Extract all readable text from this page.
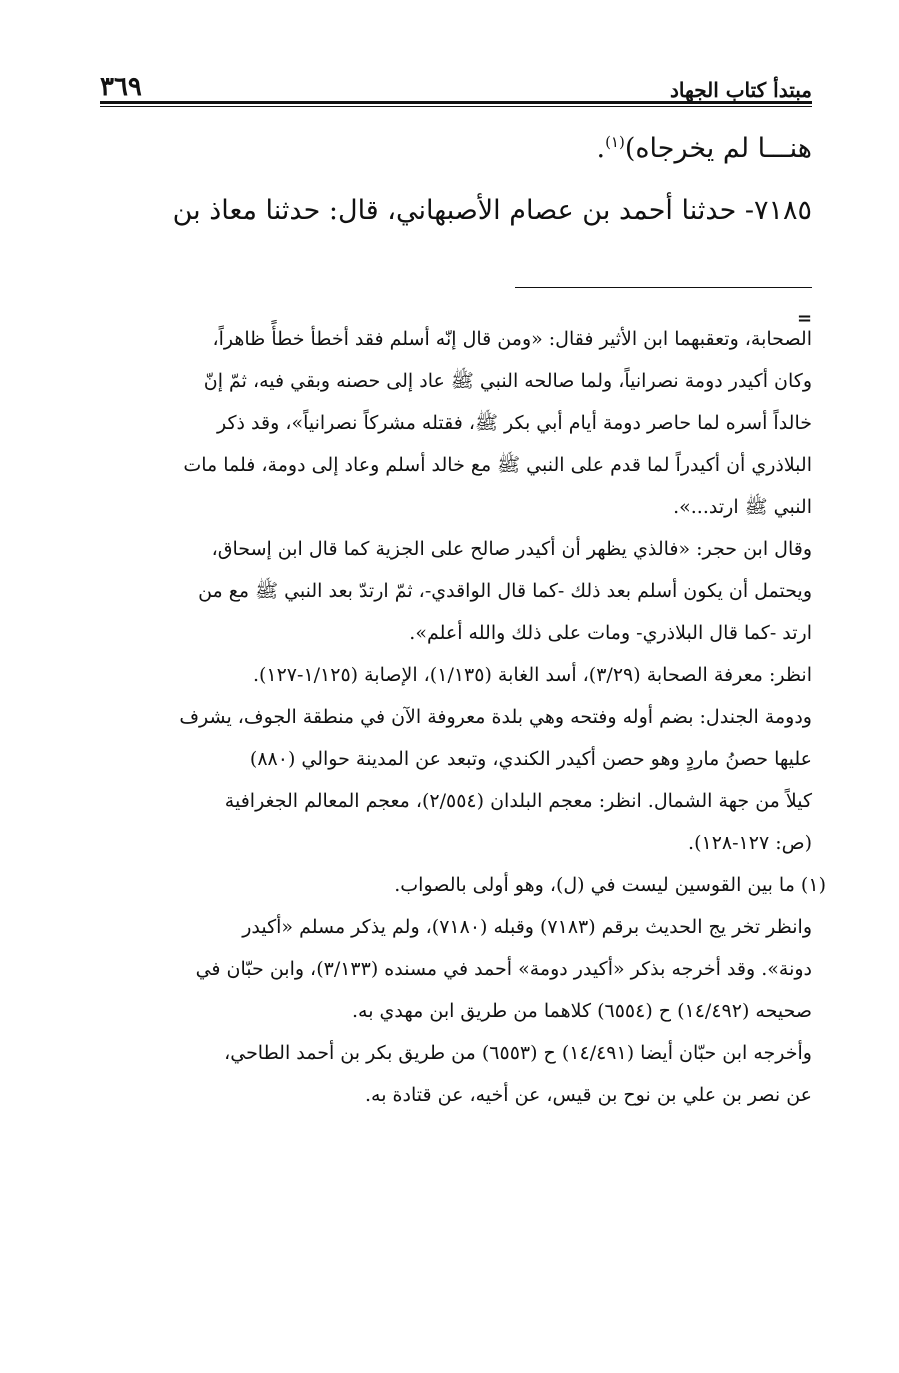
مبتدأ كتاب الجهاد
٣٦٩

هنـــا لم يخرجاه)$^{(١)}$.

٧١٨٥- حدثنا أحمد بن عصام الأصبهاني، قال: حدثنا معاذ بن

=

الصحابة، وتعقبهما ابن الأثير فقال: «ومن قال إنّه أسلم فقد أخطأ خطأً ظاهراً،

وكان أكيدر دومة نصرانياً، ولما صالحه النبي ﷺ عاد إلى حصنه وبقي فيه، ثمّ إنّ

خالداً أسره لما حاصر دومة أيام أبي بكر ﷺ، فقتله مشركاً نصرانياً»، وقد ذكر

البلاذري أن أكيدراً لما قدم على النبي ﷺ مع خالد أسلم وعاد إلى دومة، فلما مات

النبي ﷺ ارتد...».

وقال ابن حجر: «فالذي يظهر أن أكيدر صالح على الجزية كما قال ابن إسحاق،

ويحتمل أن يكون أسلم بعد ذلك -كما قال الواقدي-، ثمّ ارتدّ بعد النبي ﷺ مع من

ارتد -كما قال البلاذري- ومات على ذلك والله أعلم».

انظر: معرفة الصحابة (٣/٢٩)، أسد الغابة (١/١٣٥)، الإصابة (١/١٢٥-١٢٧).

ودومة الجندل: بضم أوله وفتحه وهي بلدة معروفة الآن في منطقة الجوف، يشرف

عليها حصنُ ماردٍ وهو حصن أكيدر الكندي، وتبعد عن المدينة حوالي (٨٨٠)

كيلاً من جهة الشمال. انظر: معجم البلدان (٢/٥٥٤)، معجم المعالم الجغرافية

(ص: ١٢٧-١٢٨).

(١) ما بين القوسين ليست في (ل)، وهو أولى بالصواب.

وانظر تخر يج الحديث برقم (٧١٨٣) وقبله (٧١٨٠)، ولم يذكر مسلم «أكيدر

دونة». وقد أخرجه بذكر «أكيدر دومة» أحمد في مسنده (٣/١٣٣)، وابن حبّان في

صحيحه (١٤/٤٩٢) ح (٦٥٥٤) كلاهما من طريق ابن مهدي به.

وأخرجه ابن حبّان أيضا (١٤/٤٩١) ح (٦٥٥٣) من طريق بكر بن أحمد الطاحي،

عن نصر بن علي بن نوح بن قيس، عن أخيه، عن قتادة به.
